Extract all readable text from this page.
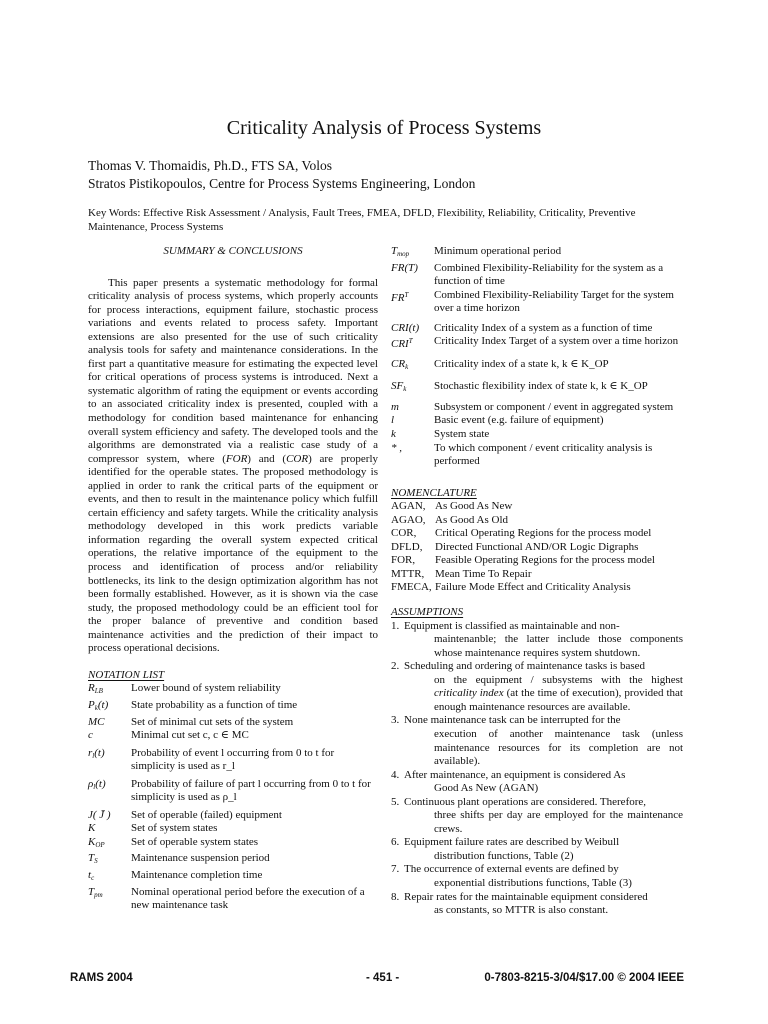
Criticality Analysis of Process Systems
Thomas V. Thomaidis, Ph.D., FTS SA, Volos
Stratos Pistikopoulos, Centre for Process Systems Engineering, London
Key Words: Effective Risk Assessment / Analysis, Fault Trees, FMEA, DFLD, Flexibility, Reliability, Criticality, Preventive Maintenance, Process Systems
SUMMARY & CONCLUSIONS

This paper presents a systematic methodology for formal criticality analysis of process systems, which properly accounts for process interactions, equipment failure, stochastic process variations and events related to process safety. Important extensions are also presented for the use of such criticality analysis tools for safety and maintenance considerations. In the first part a quantitative measure for estimating the expected level for critical operations of process systems is introduced. Next a systematic algorithm of rating the equipment or events according to an associated criticality index is presented, coupled with a methodology for condition based maintenance for enhancing overall system efficiency and safety. The developed tools and the algorithms are demonstrated via a realistic case study of a compressor system, where (FOR) and (COR) are properly identified for the operable states. The proposed methodology is applied in order to rank the critical parts of the equipment or events, and then to result in the maintenance policy which fulfill certain efficiency and safety targets. While the criticality analysis methodology developed in this work predicts variable information regarding the overall system expected critical operations, the relative importance of the equipment to the process and identification of process and/or reliability bottlenecks, its link to the design optimization algorithm has not been formally established. However, as it is shown via the case study, the proposed methodology could be an efficient tool for the proper balance of preventive and condition based maintenance activities and the prediction of their impact to process operational decisions.

NOTATION LIST
$R_{LB}$	Lower bound of system reliability
$P_k(t)$	State probability as a function of time
MC	Set of minimal cut sets of the system
c	Minimal cut set c, c ∈ MC
$r_l(t)$	Probability of event l occurring from 0 to t for simplicity is used as r_l
$\rho_l(t)$	Probability of failure of part l occurring from 0 to t for simplicity is used as ρ_l
J( J̄ )	Set of operable (failed) equipment
K	Set of system states
$K_{OP}$	Set of operable system states
$T_S$	Maintenance suspension period
$t_c$	Maintenance completion time
$T_{pm}$	Nominal operational period before the execution of a new maintenance task
$T_{mop}$	Minimum operational period
FR(T)	Combined Flexibility-Reliability for the system as a function of time
$FR^T$	Combined Flexibility-Reliability Target for the system over a time horizon
CRI(t)	Criticality Index of a system as a function of time
$CRI^T$	Criticality Index Target of a system over a time horizon
$CR_k$	Criticality index of a state k, k ∈ K_OP
$SF_k$	Stochastic flexibility index of state k, k ∈ K_OP
m	Subsystem or component / event in aggregated system
l	Basic event (e.g. failure of equipment)
k	System state
* ,	To which component / event criticality analysis is performed
NOMENCLATURE
AGAN, As Good As New
AGAO, As Good As Old
COR,	Critical Operating Regions for the process model
DFLD,	Directed Functional AND/OR Logic Digraphs
FOR,	Feasible Operating Regions for the process model
MTTR, Mean Time To Repair
FMECA, Failure Mode Effect and Criticality Analysis
ASSUMPTIONS
1. Equipment is classified as maintainable and non-
maintenanble; the latter include those components whose maintenance requires system shutdown.
2. Scheduling and ordering of maintenance tasks is based
on the equipment / subsystems with the highest criticality index (at the time of execution), provided that enough maintenance resources are available.
3. None maintenance task can be interrupted for the
execution of another maintenance task (unless maintenance resources for its completion are not available).
4. After maintenance, an equipment is considered As
Good As New (AGAN)
5. Continuous plant operations are considered. Therefore,
three shifts per day are employed for the maintenance crews.
6. Equipment failure rates are described by Weibull
distribution functions, Table (2)
7. The occurrence of external events are defined by
exponential distributions functions, Table (3)
8. Repair rates for the maintainable equipment considered
as constants, so MTTR is also constant.
RAMS 2004	- 451 -	0-7803-8215-3/04/$17.00 © 2004 IEEE
